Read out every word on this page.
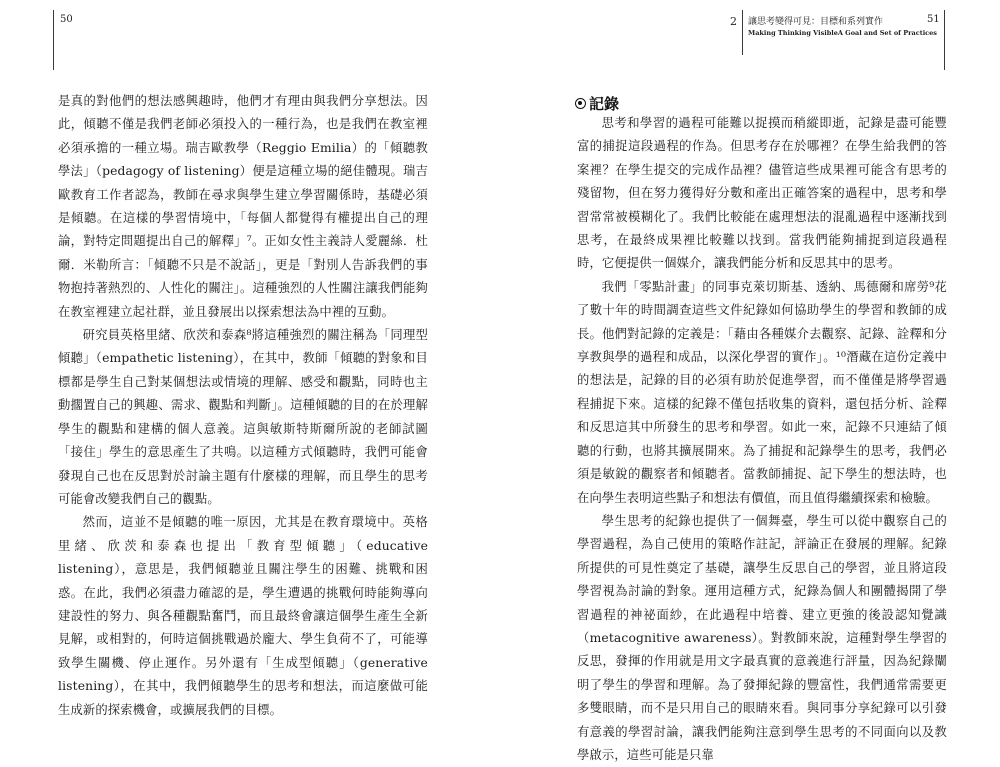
50

是真的對他們的想法感興趣時，他們才有理由與我們分享想法。因此，傾聽不僅是我們老師必須投入的一種行為，也是我們在教室裡必須承擔的一種立場。瑞吉歐教學（Reggio Emilia）的「傾聽教學法」（pedagogy of listening）便是這種立場的絕佳體現。瑞吉歐教育工作者認為，教師在尋求與學生建立學習關係時，基礎必須是傾聽。在這樣的學習情境中，「每個人都覺得有權提出自己的理論，對特定問題提出自己的解釋」⁷。正如女性主義詩人愛麗絲．杜爾．米勒所言：「傾聽不只是不說話」，更是「對別人告訴我們的事物抱持著熱烈的、人性化的關注」。這種強烈的人性關注讓我們能夠在教室裡建立起社群，並且發展出以探索想法為中裡的互動。

研究員英格里緒、欣茨和泰森⁸將這種強烈的關注稱為「同理型傾聽」（empathetic listening），在其中，教師「傾聽的對象和目標都是學生自己對某個想法或情境的理解、感受和觀點，同時也主動擱置自己的興趣、需求、觀點和判斷」。這種傾聽的目的在於理解學生的觀點和建構的個人意義。這與敏斯特斯爾所說的老師試圖「接住」學生的意思產生了共鳴。以這種方式傾聽時，我們可能會發現自己也在反思對於討論主題有什麼樣的理解，而且學生的思考可能會改變我們自己的觀點。

然而，這並不是傾聽的唯一原因，尤其是在教育環境中。英格里緒、欣茨和泰森也提出「教育型傾聽」（educative listening），意思是，我們傾聽並且關注學生的困難、挑戰和困惑。在此，我們必須盡力確認的是，學生遭遇的挑戰何時能夠導向建設性的努力、與各種觀點奮鬥，而且最終會讓這個學生產生全新見解，或相對的，何時這個挑戰過於龐大、學生負荷不了，可能導致學生關機、停止運作。另外還有「生成型傾聽」（generative listening），在其中，我們傾聽學生的思考和想法，而這麼做可能生成新的探索機會，或擴展我們的目標。

2 讓思考變得可見：目標和系列實作
Making Thinking VisibleA Goal and Set of Practices
51
記錄

思考和學習的過程可能難以捉摸而稍縱即逝，記錄是盡可能豐富的捕捉這段過程的作為。但思考存在於哪裡？在學生給我們的答案裡？在學生提交的完成作品裡？儘管這些成果裡可能含有思考的殘留物，但在努力獲得好分數和產出正確答案的過程中，思考和學習常常被模糊化了。我們比較能在處理想法的混亂過程中逐漸找到思考，在最終成果裡比較難以找到。當我們能夠捕捉到這段過程時，它便提供一個媒介，讓我們能分析和反思其中的思考。

我們「零點計畫」的同事克萊切斯基、透納、馬德爾和席勞⁹花了數十年的時間調查這些文件紀錄如何協助學生的學習和教師的成長。他們對記錄的定義是：「藉由各種媒介去觀察、記錄、詮釋和分享教與學的過程和成品，以深化學習的實作」。¹⁰潛藏在這份定義中的想法是，記錄的目的必須有助於促進學習，而不僅僅是將學習過程捕捉下來。這樣的紀錄不僅包括收集的資料，還包括分析、詮釋和反思這其中所發生的思考和學習。如此一來，記錄不只連結了傾聽的行動，也將其擴展開來。為了捕捉和記錄學生的思考，我們必須是敏銳的觀察者和傾聽者。當教師捕捉、記下學生的想法時，也在向學生表明這些點子和想法有價值，而且值得繼續探索和檢驗。

學生思考的紀錄也提供了一個舞臺，學生可以從中觀察自己的學習過程，為自己使用的策略作註記，評論正在發展的理解。紀錄所提供的可見性奠定了基礎，讓學生反思自己的學習，並且將這段學習視為討論的對象。運用這種方式，紀錄為個人和團體揭開了學習過程的神祕面紗，在此過程中培養、建立更強的後設認知覺識（metacognitive awareness）。對教師來說，這種對學生學習的反思，發揮的作用就是用文字最真實的意義進行評量，因為紀錄闡明了學生的學習和理解。為了發揮紀錄的豐富性，我們通常需要更多雙眼睛，而不是只用自己的眼睛來看。與同事分享紀錄可以引發有意義的學習討論，讓我們能夠注意到學生思考的不同面向以及教學啟示，這些可能是只靠
